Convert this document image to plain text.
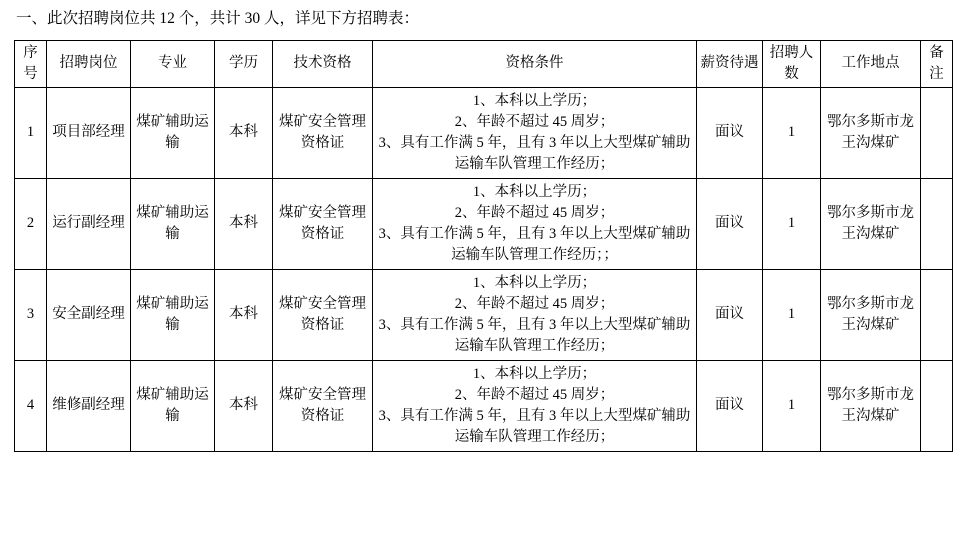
一、此次招聘岗位共 12 个，共计 30 人，详见下方招聘表：
序号	招聘岗位	专业	学历	技术资格	资格条件	薪资待遇	招聘人数	工作地点	备注
1	项目部经理	煤矿辅助运输	本科	煤矿安全管理资格证	1、本科以上学历；
2、年龄不超过 45 周岁；
3、具有工作满 5 年，且有 3 年以上大型煤矿辅助运输车队管理工作经历；	面议	1	鄂尔多斯市龙王沟煤矿	
2	运行副经理	煤矿辅助运输	本科	煤矿安全管理资格证	1、本科以上学历；
2、年龄不超过 45 周岁；
3、具有工作满 5 年，且有 3 年以上大型煤矿辅助运输车队管理工作经历；；	面议	1	鄂尔多斯市龙王沟煤矿	
3	安全副经理	煤矿辅助运输	本科	煤矿安全管理资格证	1、本科以上学历；
2、年龄不超过 45 周岁；
3、具有工作满 5 年，且有 3 年以上大型煤矿辅助运输车队管理工作经历；	面议	1	鄂尔多斯市龙王沟煤矿	
4	维修副经理	煤矿辅助运输	本科	煤矿安全管理资格证	1、本科以上学历；
2、年龄不超过 45 周岁；
3、具有工作满 5 年，且有 3 年以上大型煤矿辅助运输车队管理工作经历；	面议	1	鄂尔多斯市龙王沟煤矿	
